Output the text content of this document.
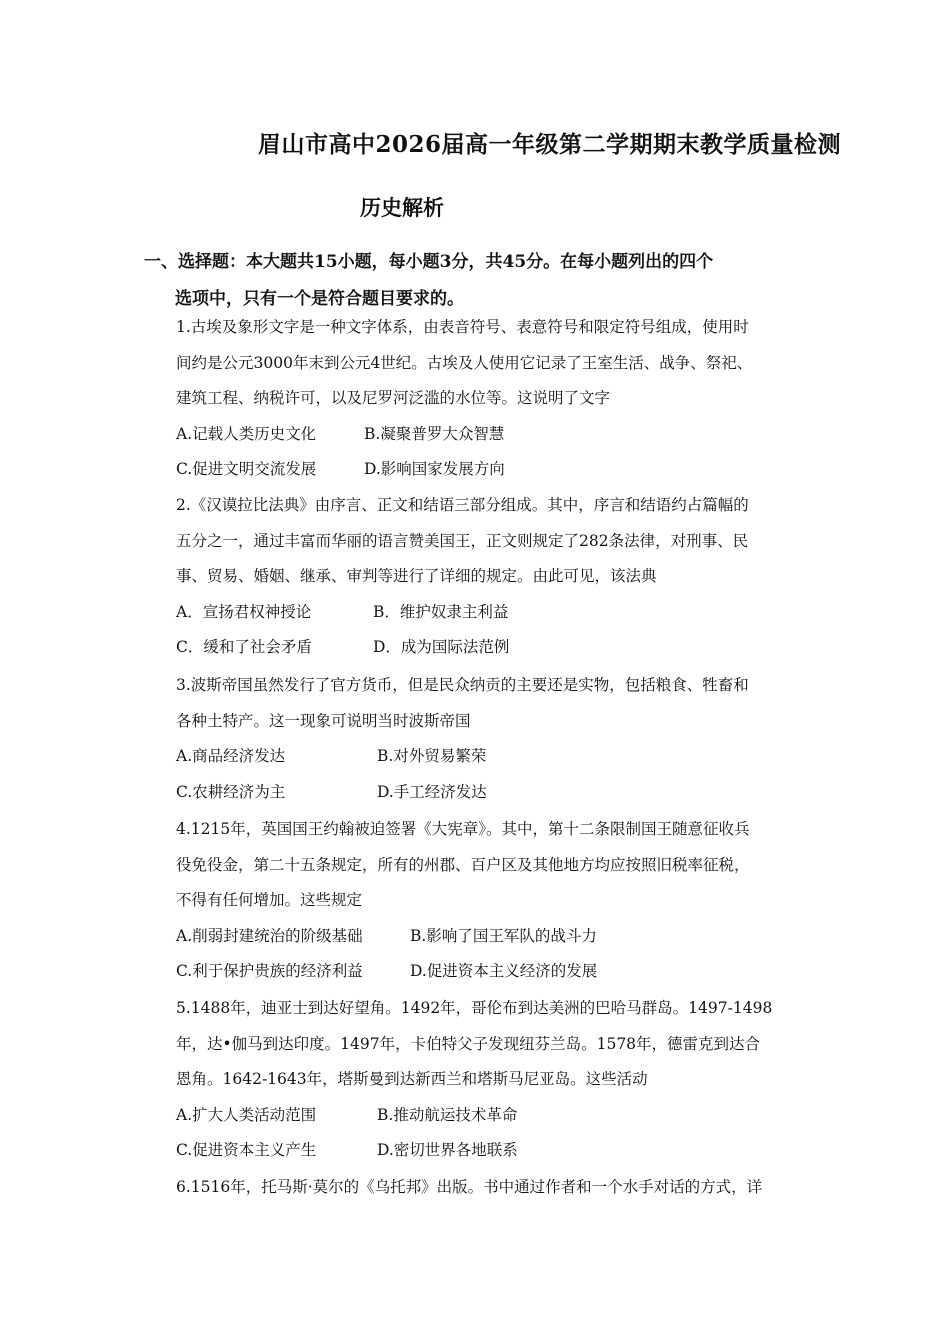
眉山市高中2026届高一年级第二学期期末教学质量检测
历史解析
一、选择题：本大题共15小题，每小题3分，共45分。在每小题列出的四个
选项中，只有一个是符合题目要求的。

1.古埃及象形文字是一种文字体系，由表音符号、表意符号和限定符号组成，使用时

间约是公元3000年末到公元4世纪。古埃及人使用它记录了王室生活、战争、祭祀、

建筑工程、纳税许可，以及尼罗河泛滥的水位等。这说明了文字

A.记载人类历史文化	B.凝聚普罗大众智慧
C.促进文明交流发展	D.影响国家发展方向

2.《汉谟拉比法典》由序言、正文和结语三部分组成。其中，序言和结语约占篇幅的

五分之一，通过丰富而华丽的语言赞美国王，正文则规定了282条法律，对刑事、民

事、贸易、婚姻、继承、审判等进行了详细的规定。由此可见，该法典

A．宣扬君权神授论	B．维护奴隶主利益
C．缓和了社会矛盾	D．成为国际法范例

3.波斯帝国虽然发行了官方货币，但是民众纳贡的主要还是实物，包括粮食、牲畜和

各种土特产。这一现象可说明当时波斯帝国

A.商品经济发达	B.对外贸易繁荣
C.农耕经济为主	D.手工经济发达

4.1215年，英国国王约翰被迫签署《大宪章》。其中，第十二条限制国王随意征收兵

役免役金，第二十五条规定，所有的州郡、百户区及其他地方均应按照旧税率征税，

不得有任何增加。这些规定

A.削弱封建统治的阶级基础	B.影响了国王军队的战斗力
C.利于保护贵族的经济利益	D.促进资本主义经济的发展

5.1488年，迪亚士到达好望角。1492年，哥伦布到达美洲的巴哈马群岛。1497-1498

年，达•伽马到达印度。1497年，卡伯特父子发现纽芬兰岛。1578年，德雷克到达合

恩角。1642-1643年，塔斯曼到达新西兰和塔斯马尼亚岛。这些活动

A.扩大人类活动范围	B.推动航运技术革命
C.促进资本主义产生	D.密切世界各地联系

6.1516年，托马斯·莫尔的《乌托邦》出版。书中通过作者和一个水手对话的方式，详
